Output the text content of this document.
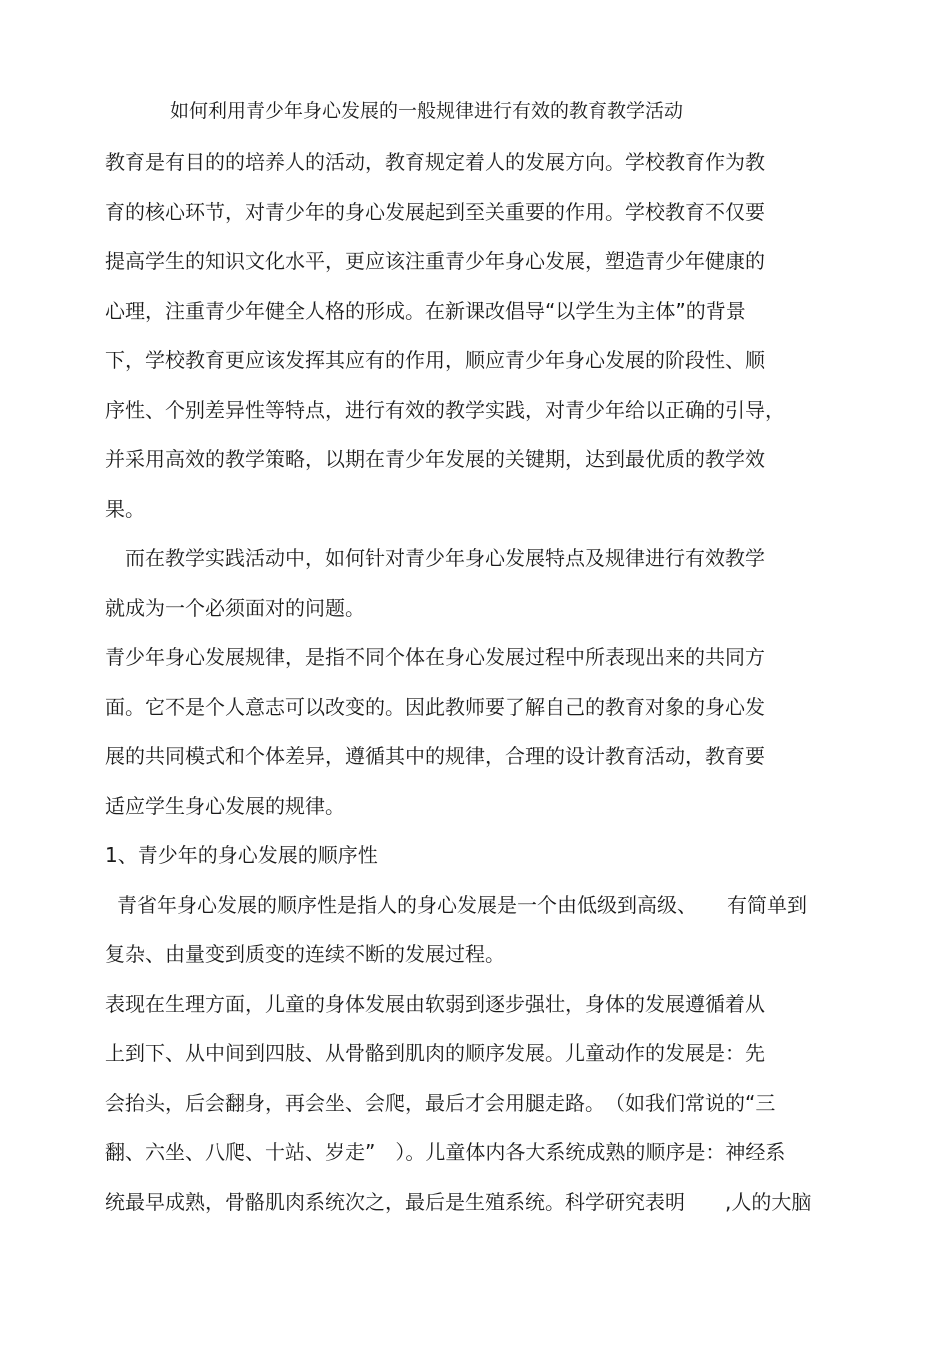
如何利用青少年身心发展的一般规律进行有效的教育教学活动
教育是有目的的培养人的活动，教育规定着人的发展方向。学校教育作为教
育的核心环节，对青少年的身心发展起到至关重要的作用。学校教育不仅要
提高学生的知识文化水平，更应该注重青少年身心发展，塑造青少年健康的
心理，注重青少年健全人格的形成。在新课改倡导“以学生为主体”的背景
下，学校教育更应该发挥其应有的作用，顺应青少年身心发展的阶段性、顺
序性、个别差异性等特点，进行有效的教学实践，对青少年给以正确的引导，
并采用高效的教学策略，以期在青少年发展的关键期，达到最优质的教学效
果。
而在教学实践活动中，如何针对青少年身心发展特点及规律进行有效教学
就成为一个必须面对的问题。
青少年身心发展规律，是指不同个体在身心发展过程中所表现出来的共同方
面。它不是个人意志可以改变的。因此教师要了解自己的教育对象的身心发
展的共同模式和个体差异，遵循其中的规律，合理的设计教育活动，教育要
适应学生身心发展的规律。
1、青少年的身心发展的顺序性
青省年身心发展的顺序性是指人的身心发展是一个由低级到高级、　　有简单到
复杂、由量变到质变的连续不断的发展过程。
表现在生理方面，儿童的身体发展由软弱到逐步强壮，身体的发展遵循着从
上到下、从中间到四肢、从骨骼到肌肉的顺序发展。儿童动作的发展是：先
会抬头，后会翻身，再会坐、会爬，最后才会用腿走路。　（如我们常说的“三
翻、六坐、八爬、十站、岁走”　）。儿童体内各大系统成熟的顺序是：神经系
统最早成熟，骨骼肌肉系统次之，最后是生殖系统。科学研究表明　　,人的大脑
